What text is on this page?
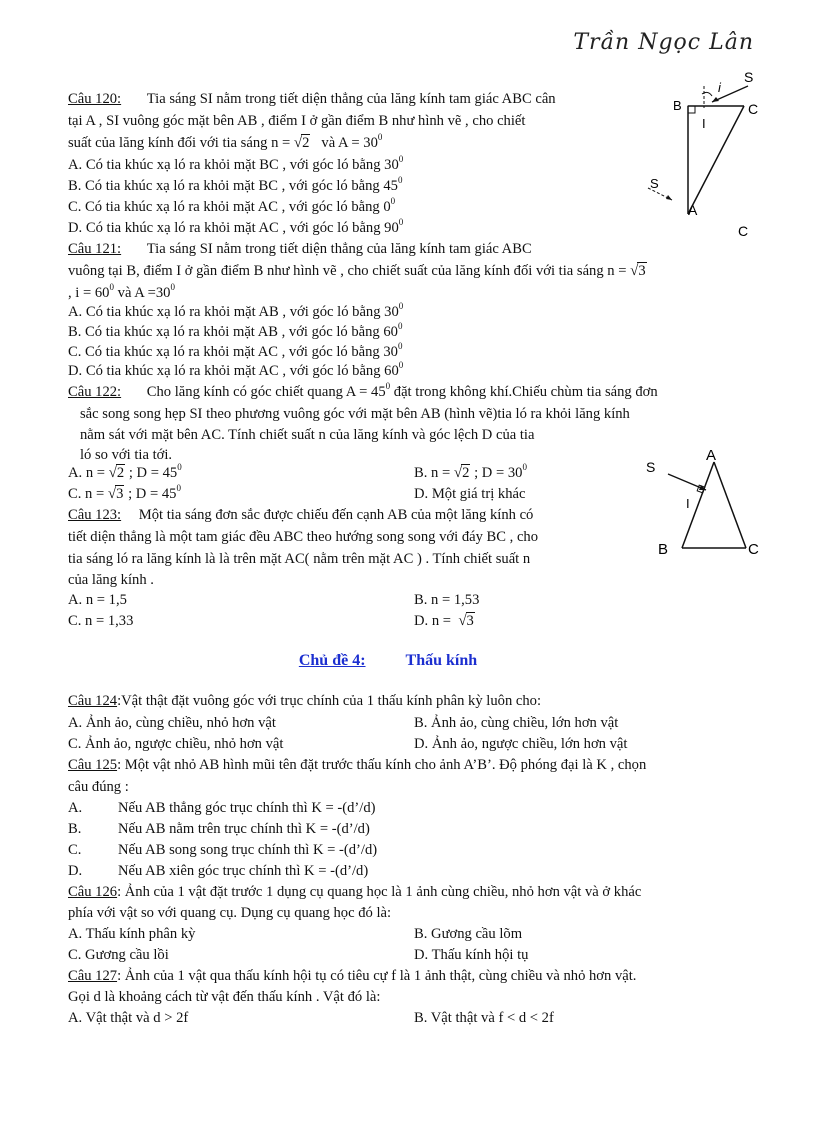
Trần Ngọc Lân
Câu 120: Tia sáng SI nằm trong tiết diện thẳng của lăng kính tam giác ABC cân
tại A , SI vuông góc mặt bên AB , điểm I ở gần điểm B như hình vẽ , cho chiết
suất của lăng kính đối với tia sáng n = √2 và $A = 30^0$
A. Có tia khúc xạ ló ra khỏi mặt BC , với góc ló bằng $30^0$
B. Có tia khúc xạ ló ra khỏi mặt BC , với góc ló bằng $45^0$
C. Có tia khúc xạ ló ra khỏi mặt AC , với góc ló bằng $0^0$
D. Có tia khúc xạ ló ra khỏi mặt AC , với góc ló bằng $90^0$
S
B
i
C
I
A
S
C
Câu 121: Tia sáng SI nằm trong tiết diện thẳng của lăng kính tam giác ABC
vuông tại B, điểm I ở gần điểm B như hình vẽ , cho chiết suất của lăng kính đối với tia sáng n = √3
, $i = 60^0$ và $A =30^0$
A. Có tia khúc xạ ló ra khỏi mặt AB , với góc ló bằng $30^0$
B. Có tia khúc xạ ló ra khỏi mặt AB , với góc ló bằng $60^0$
C. Có tia khúc xạ ló ra khỏi mặt AC , với góc ló bằng $30^0$
D. Có tia khúc xạ ló ra khỏi mặt AC , với góc ló bằng $60^0$
Câu 122: Cho lăng kính có góc chiết quang $A = 45^0$ đặt trong không khí.Chiếu chùm tia sáng đơn
sắc song song hẹp SI theo phương vuông góc với mặt bên AB (hình vẽ)tia ló ra khỏi lăng kính
nằm sát với mặt bên AC. Tính chiết suất n của lăng kính và góc lệch D của tia
ló so với tia tới.
A. n = √2 ; $D = 45^0$	B. n = √2 ; $D = 30^0$
C. n = √3 ; $D = 45^0$	D. Một giá trị khác
S
A
I
B	C
Câu 123: Một tia sáng đơn sắc được chiếu đến cạnh AB của một lăng kính có
tiết diện thẳng là một tam giác đều ABC theo hướng song song với đáy BC , cho
tia sáng ló ra lăng kính là là trên mặt AC( nằm trên mặt AC ) . Tính chiết suất n
của lăng kính .
A. n = 1,5	B. n = 1,53
C. n = 1,33	D. n = √3
Chủ đề 4:	Thấu kính
Câu 124:Vật thật đặt vuông góc với trục chính của 1 thấu kính phân kỳ luôn cho:
A. Ảnh ảo, cùng chiều, nhỏ hơn vật	B. Ảnh ảo, cùng chiều, lớn hơn vật
C. Ảnh ảo, ngược chiều, nhỏ hơn vật	D. Ảnh ảo, ngược chiều, lớn hơn vật
Câu 125: Một vật nhỏ AB hình mũi tên đặt trước thấu kính cho ảnh A’B’. Độ phóng đại là K , chọn
câu đúng :
A. Nếu AB thẳng góc trục chính thì K = -(d’/d)
B.	Nếu AB nằm trên trục chính thì K = -(d’/d)
C.	Nếu AB song song trục chính thì K = -(d’/d)
D. Nếu AB xiên góc trục chính thì K = -(d’/d)
Câu 126: Ảnh của 1 vật đặt trước 1 dụng cụ quang học là 1 ảnh cùng chiều, nhỏ hơn vật và ở khác
phía với vật so với quang cụ. Dụng cụ quang học đó là:
A. Thấu kính phân kỳ	B. Gương cầu lõm
C. Gương cầu lồi	D. Thấu kính hội tụ
Câu 127: Ảnh của 1 vật qua thấu kính hội tụ có tiêu cự f là 1 ảnh thật, cùng chiều và nhỏ hơn vật.
Gọi d là khoảng cách từ vật đến thấu kính . Vật đó là:
A. Vật thật và d > 2f	B. Vật thật và f < d < 2f
